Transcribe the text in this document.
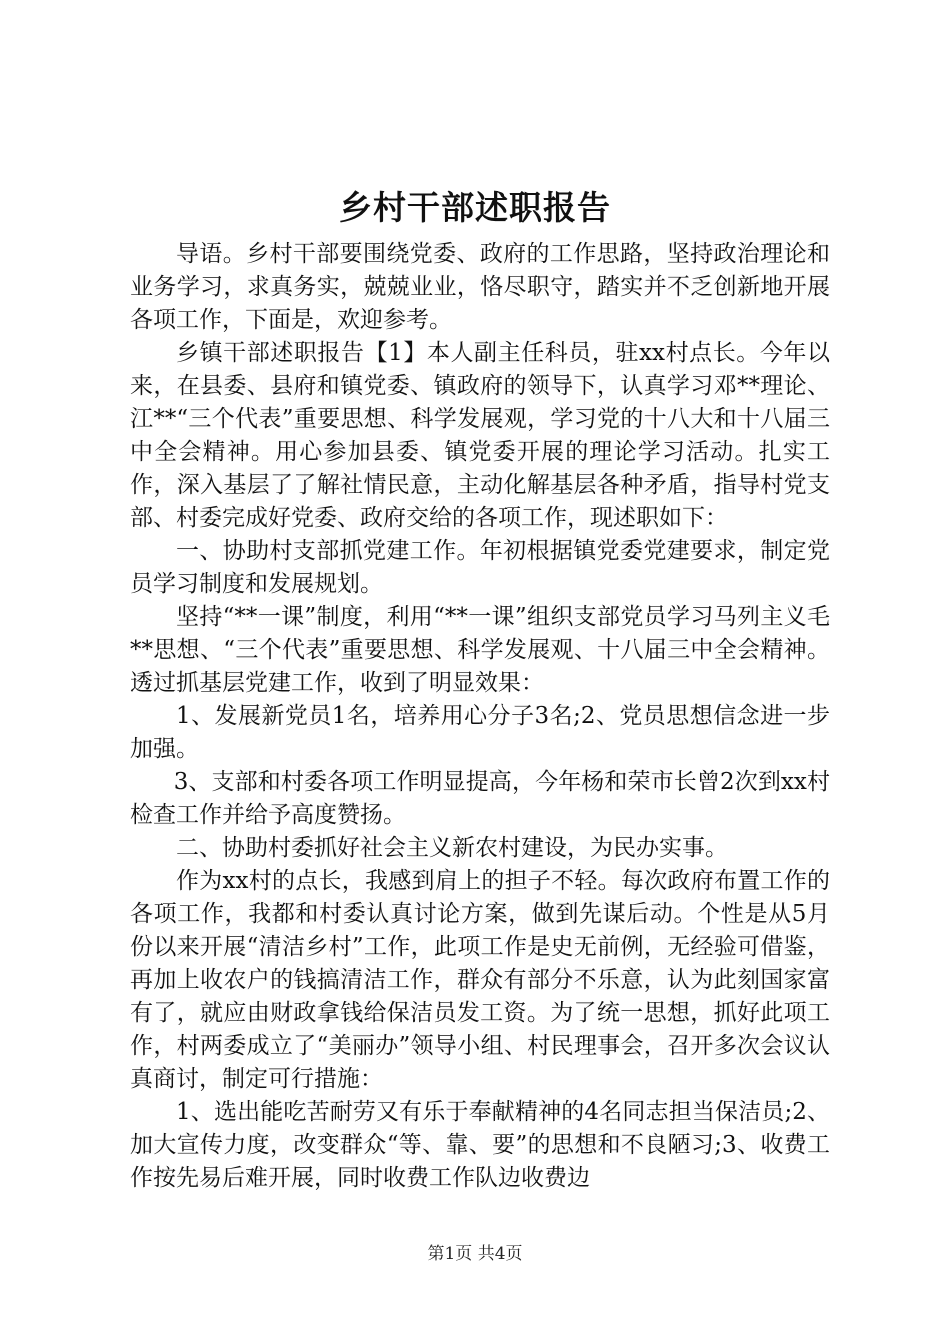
乡村干部述职报告

导语。乡村干部要围绕党委、政府的工作思路，坚持政治理论和业务学习，求真务实，兢兢业业，恪尽职守，踏实并不乏创新地开展各项工作，下面是，欢迎参考。

乡镇干部述职报告【1】本人副主任科员，驻xx村点长。今年以来，在县委、县府和镇党委、镇政府的领导下，认真学习邓**理论、江**“三个代表”重要思想、科学发展观，学习党的十八大和十八届三中全会精神。用心参加县委、镇党委开展的理论学习活动。扎实工作，深入基层了了解社情民意，主动化解基层各种矛盾，指导村党支部、村委完成好党委、政府交给的各项工作，现述职如下：

一、协助村支部抓党建工作。年初根据镇党委党建要求，制定党员学习制度和发展规划。

坚持“**一课”制度，利用“**一课”组织支部党员学习马列主义毛**思想、“三个代表”重要思想、科学发展观、十八届三中全会精神。透过抓基层党建工作，收到了明显效果：

1、发展新党员1名，培养用心分子3名;2、党员思想信念进一步加强。

3、支部和村委各项工作明显提高，今年杨和荣市长曾2次到xx村检查工作并给予高度赞扬。

二、协助村委抓好社会主义新农村建设，为民办实事。

作为xx村的点长，我感到肩上的担子不轻。每次政府布置工作的各项工作，我都和村委认真讨论方案，做到先谋后动。个性是从5月份以来开展“清洁乡村”工作，此项工作是史无前例，无经验可借鉴，再加上收农户的钱搞清洁工作，群众有部分不乐意，认为此刻国家富有了，就应由财政拿钱给保洁员发工资。为了统一思想，抓好此项工作，村两委成立了“美丽办”领导小组、村民理事会，召开多次会议认真商讨，制定可行措施：

1、选出能吃苦耐劳又有乐于奉献精神的4名同志担当保洁员;2、加大宣传力度，改变群众“等、靠、要”的思想和不良陋习;3、收费工作按先易后难开展，同时收费工作队边收费边

第1页 共4页
